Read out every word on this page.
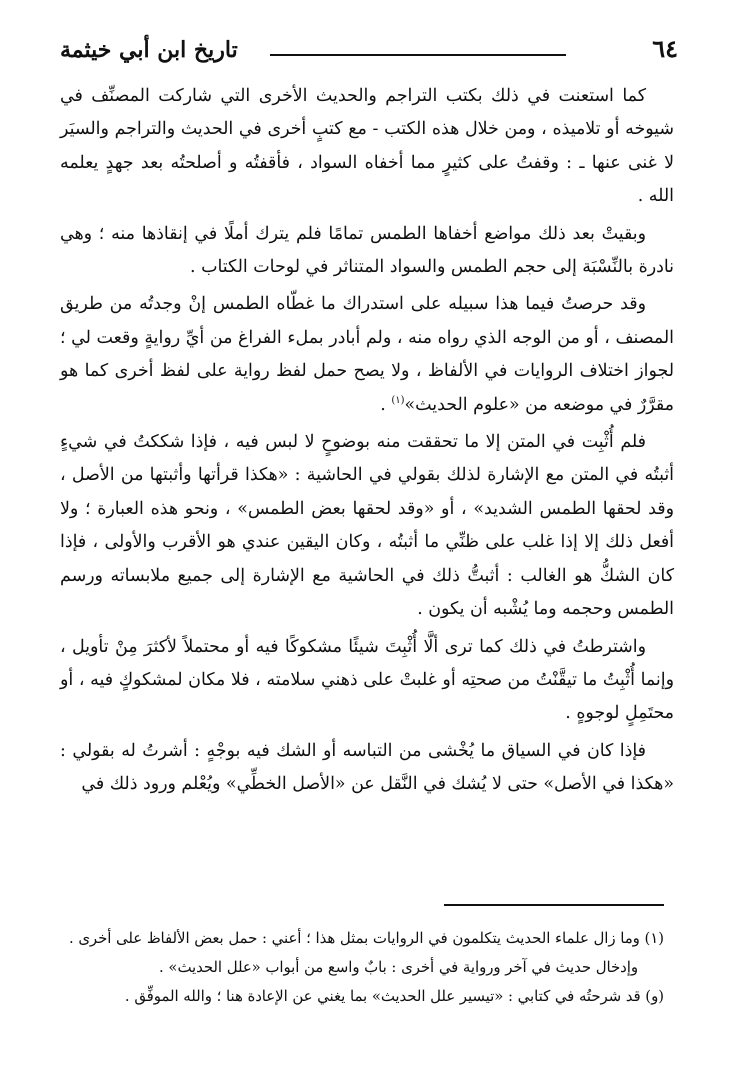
٦٤
تاريخ ابن أبي خيثمة

كما استعنت في ذلك بكتب التراجم والحديث الأخرى التي شاركت المصنِّف في شيوخه أو تلاميذه ، ومن خلال هذه الكتب - مع كتبٍ أخرى في الحديث والتراجم والسيَر لا غنى عنها ـ : وقفتُ على كثيرٍ مما أخفاه السواد ، فأقفتُه و أصلحتُه بعد جهدٍ يعلمه الله .

وبقيتْ بعد ذلك مواضع أخفاها الطمس تمامًا فلم يترك أملًا في إنقاذها منه ؛ وهي نادرة بالنِّسْبَة إلى حجم الطمس والسواد المتناثر في لوحات الكتاب .

وقد حرصتُ فيما هذا سبيله على استدراك ما غطّاه الطمس إنْ وجدتُه من طريق المصنف ، أو من الوجه الذي رواه منه ، ولم أبادر بملء الفراغ من أيِّ روايةٍ وقعت لي ؛ لجواز اختلاف الروايات في الألفاظ ، ولا يصح حمل لفظ رواية على لفظ أخرى كما هو مقرَّرٌ في موضعه من «علوم الحديث»$^{(١)}$ .

فلم أُثْبِت في المتن إلا ما تحققت منه بوضوحٍ لا لبس فيه ، فإذا شككتُ في شيءٍ أثبتُه في المتن مع الإشارة لذلك بقولي في الحاشية : «هكذا قرأتها وأثبتها من الأصل ، وقد لحقها الطمس الشديد» ، أو «وقد لحقها بعض الطمس» ، ونحو هذه العبارة ؛ ولا أفعل ذلك إلا إذا غلب على ظنِّي ما أثبتُه ، وكان اليقين عندي هو الأقرب والأولى ، فإذا كان الشكُّ هو الغالب : أثبتُّ ذلك في الحاشية مع الإشارة إلى جميع ملابساته ورسم الطمس وحجمه وما يُشْبه أن يكون .

واشترطتُ في ذلك كما ترى ألَّا أُثْبِتَ شيئًا مشكوكًا فيه أو محتملاً لأكثرَ مِنْ تأويل ، وإنما أُثْبِتُ ما تيقَّنْتُ من صحتِه أو غلبتْ على ذهني سلامته ، فلا مكان لمشكوكٍ فيه ، أو محتَمِلٍ لوجوهٍ .

فإذا كان في السياق ما يُخْشى من التباسه أو الشك فيه بوجْهٍ : أشرتُ له بقولي : «هكذا في الأصل» حتى لا يُشك في النَّقل عن «الأصل الخطِّي» ويُعْلم ورود ذلك في

(١) وما زال علماء الحديث يتكلمون في الروايات بمثل هذا ؛ أعني : حمل بعض الألفاظ على أخرى .
وإدخال حديث في آخر ورواية في أخرى : بابٌ واسع من أبواب «علل الحديث» .
(و) قد شرحتُه في كتابي : «تيسير علل الحديث» بما يغني عن الإعادة هنا ؛ والله الموفِّق .
